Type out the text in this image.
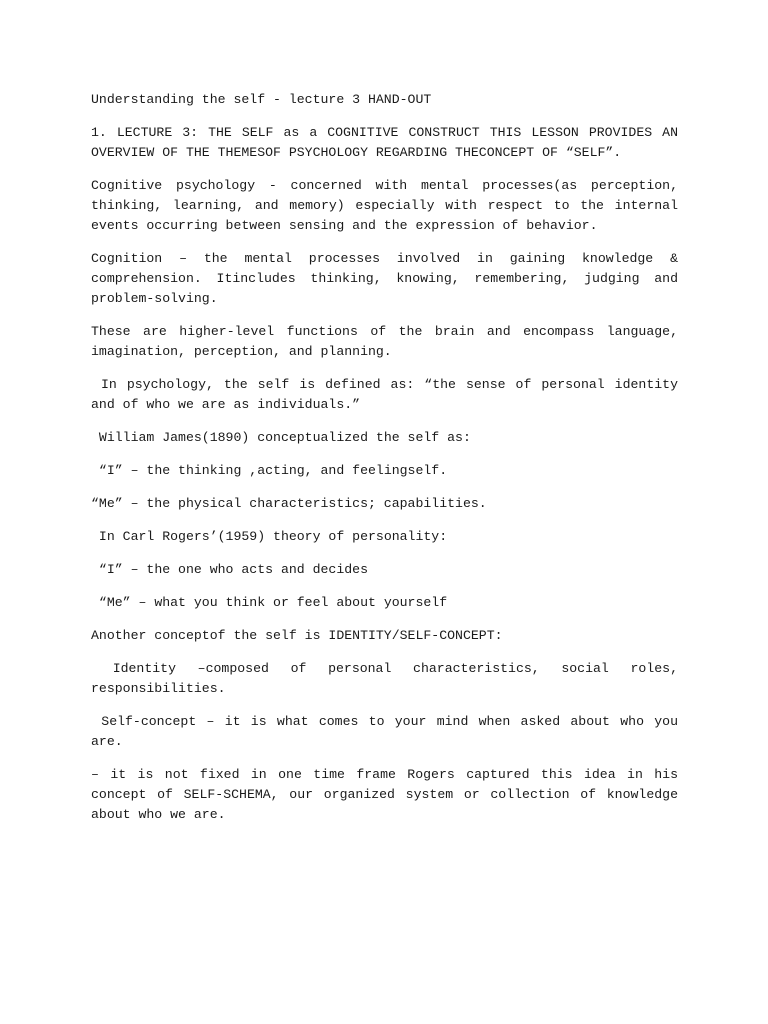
Understanding the self - lecture 3 HAND-OUT

1. LECTURE 3: THE SELF as a COGNITIVE CONSTRUCT THIS LESSON PROVIDES AN OVERVIEW OF THE THEMESOF PSYCHOLOGY REGARDING THECONCEPT OF “SELF”.

Cognitive psychology - concerned with mental processes(as perception, thinking, learning, and memory) especially with respect to the internal events occurring between sensing and the expression of behavior.

Cognition – the mental processes involved in gaining knowledge & comprehension. Itincludes thinking, knowing, remembering, judging and problem-solving.

These are higher-level functions of the brain and encompass language, imagination, perception, and planning.

In psychology, the self is defined as: “the sense of personal identity and of who we are as individuals.”

William James(1890) conceptualized the self as:

“I” – the thinking ,acting, and feelingself.

“Me” – the physical characteristics; capabilities.

In Carl Rogers’(1959) theory of personality:

“I” – the one who acts and decides

“Me” – what you think or feel about yourself

Another conceptof the self is IDENTITY/SELF-CONCEPT:

Identity –composed of personal characteristics, social roles, responsibilities.

Self-concept – it is what comes to your mind when asked about who you are.

– it is not fixed in one time frame Rogers captured this idea in his concept of SELF-SCHEMA, our organized system or collection of knowledge about who we are.
